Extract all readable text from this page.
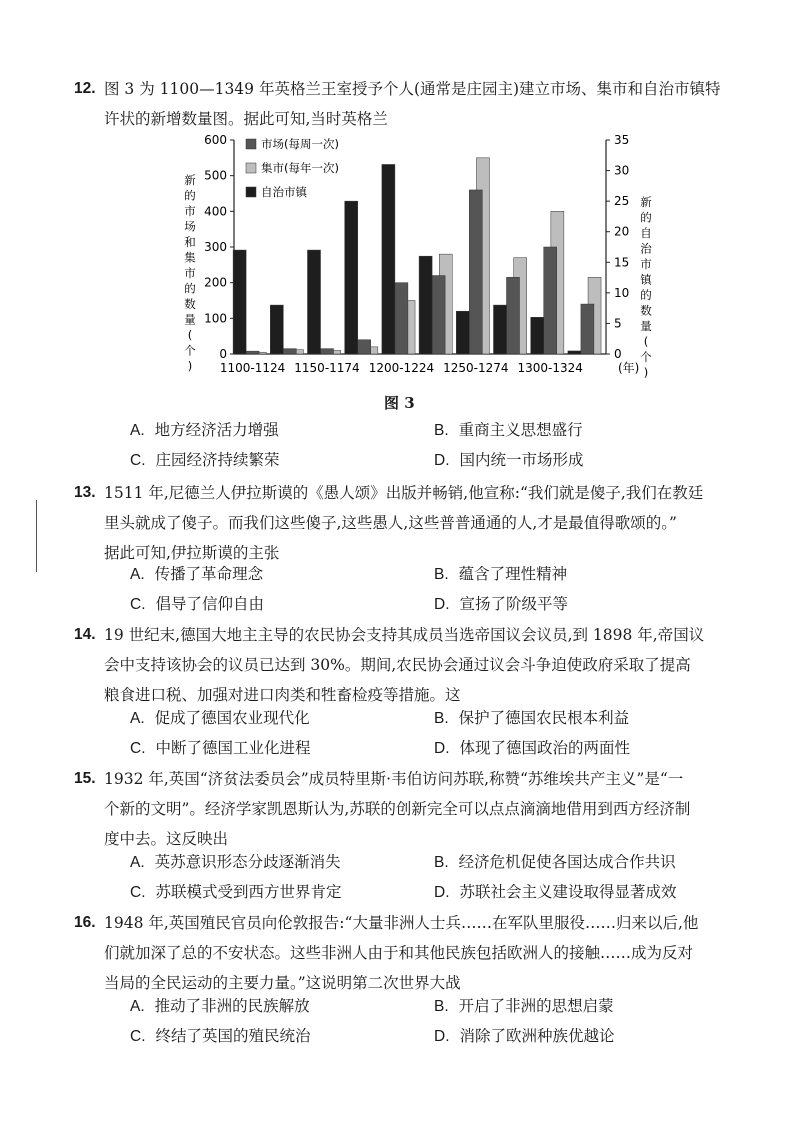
12. 图 3 为 1100—1349 年英格兰王室授予个人(通常是庄园主)建立市场、集市和自治市镇特
许状的新增数量图。据此可知,当时英格兰
0
100
200
300
400
500
600
0
5
10
15
20
25
30
35
1100-1124 1150-1174 1200-1224 1250-1274 1300-1324	(年)
新的市场和集市的数量(个)
新的自治市镇的数量(个)
市场(每周一次)
集市(每年一次)
自治市镇
图 3
A. 地方经济活力增强	B. 重商主义思想盛行
C. 庄园经济持续繁荣	D. 国内统一市场形成
13. 1511 年,尼德兰人伊拉斯谟的《愚人颂》出版并畅销,他宣称:“我们就是傻子,我们在教廷
里头就成了傻子。而我们这些傻子,这些愚人,这些普普通通的人,才是最值得歌颂的。”
据此可知,伊拉斯谟的主张
A. 传播了革命理念	B. 蕴含了理性精神
C. 倡导了信仰自由	D. 宣扬了阶级平等
14. 19 世纪末,德国大地主主导的农民协会支持其成员当选帝国议会议员,到 1898 年,帝国议
会中支持该协会的议员已达到 30%。期间,农民协会通过议会斗争迫使政府采取了提高
粮食进口税、加强对进口肉类和牲畜检疫等措施。这
A. 促成了德国农业现代化	B. 保护了德国农民根本利益
C. 中断了德国工业化进程	D. 体现了德国政治的两面性
15. 1932 年,英国“济贫法委员会”成员特里斯·韦伯访问苏联,称赞“苏维埃共产主义”是“一
个新的文明”。经济学家凯恩斯认为,苏联的创新完全可以点点滴滴地借用到西方经济制
度中去。这反映出
A. 英苏意识形态分歧逐渐消失	B. 经济危机促使各国达成合作共识
C. 苏联模式受到西方世界肯定	D. 苏联社会主义建设取得显著成效
16. 1948 年,英国殖民官员向伦敦报告:“大量非洲人士兵……在军队里服役……归来以后,他
们就加深了总的不安状态。这些非洲人由于和其他民族包括欧洲人的接触……成为反对
当局的全民运动的主要力量。”这说明第二次世界大战
A. 推动了非洲的民族解放	B. 开启了非洲的思想启蒙
C. 终结了英国的殖民统治	D. 消除了欧洲种族优越论
